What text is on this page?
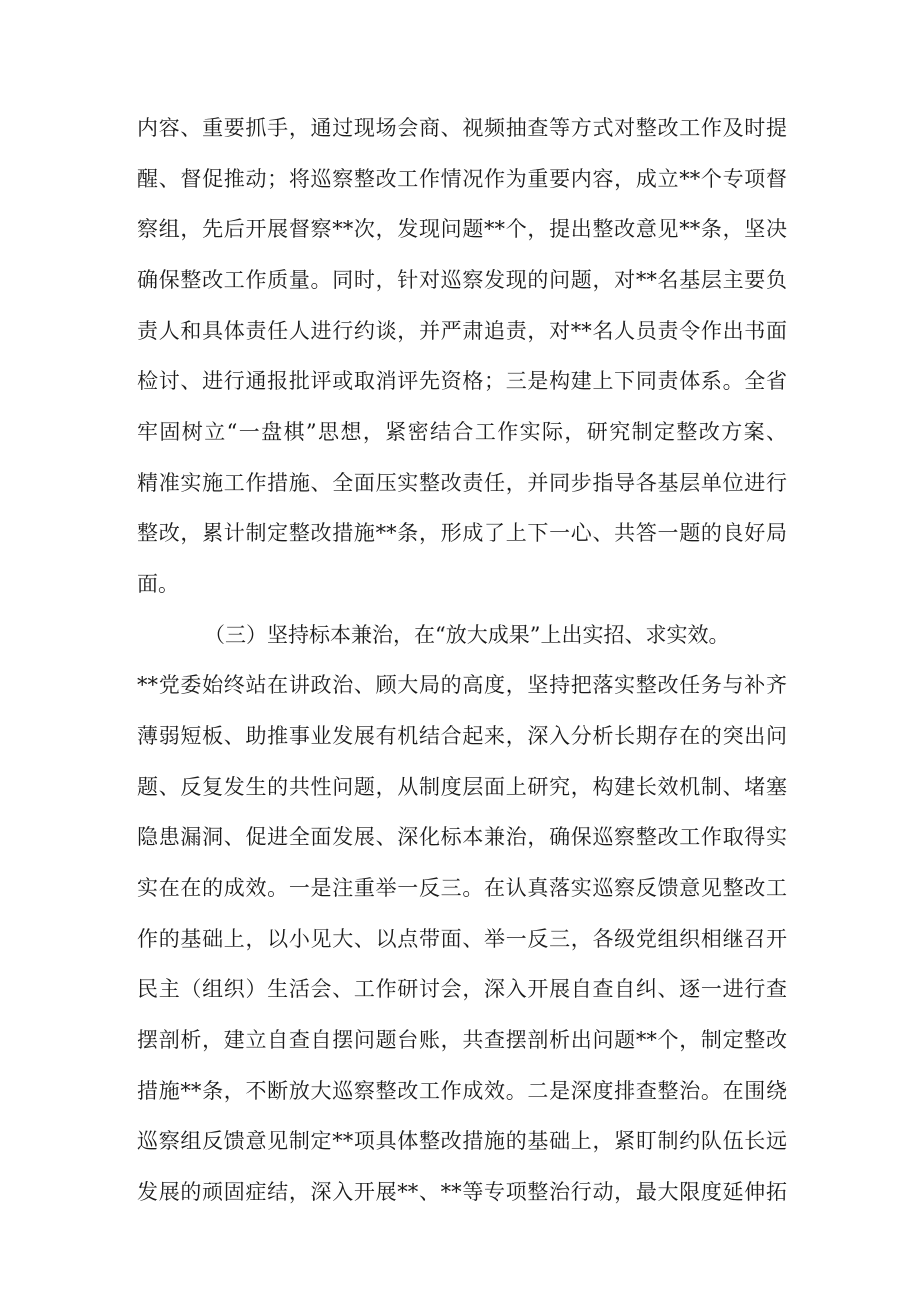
内容、重要抓手，通过现场会商、视频抽查等方式对整改工作及时提
醒、督促推动；将巡察整改工作情况作为重要内容，成立**个专项督
察组，先后开展督察**次，发现问题**个，提出整改意见**条，坚决
确保整改工作质量。同时，针对巡察发现的问题，对**名基层主要负
责人和具体责任人进行约谈，并严肃追责，对**名人员责令作出书面
检讨、进行通报批评或取消评先资格；三是构建上下同责体系。全省
牢固树立“一盘棋”思想，紧密结合工作实际，研究制定整改方案、
精准实施工作措施、全面压实整改责任，并同步指导各基层单位进行
整改，累计制定整改措施**条，形成了上下一心、共答一题的良好局
面。
（三）坚持标本兼治，在“放大成果”上出实招、求实效。
**党委始终站在讲政治、顾大局的高度，坚持把落实整改任务与补齐
薄弱短板、助推事业发展有机结合起来，深入分析长期存在的突出问
题、反复发生的共性问题，从制度层面上研究，构建长效机制、堵塞
隐患漏洞、促进全面发展、深化标本兼治，确保巡察整改工作取得实
实在在的成效。一是注重举一反三。在认真落实巡察反馈意见整改工
作的基础上，以小见大、以点带面、举一反三，各级党组织相继召开
民主（组织）生活会、工作研讨会，深入开展自查自纠、逐一进行查
摆剖析，建立自查自摆问题台账，共查摆剖析出问题**个，制定整改
措施**条，不断放大巡察整改工作成效。二是深度排查整治。在围绕
巡察组反馈意见制定**项具体整改措施的基础上，紧盯制约队伍长远
发展的顽固症结，深入开展**、**等专项整治行动，最大限度延伸拓
